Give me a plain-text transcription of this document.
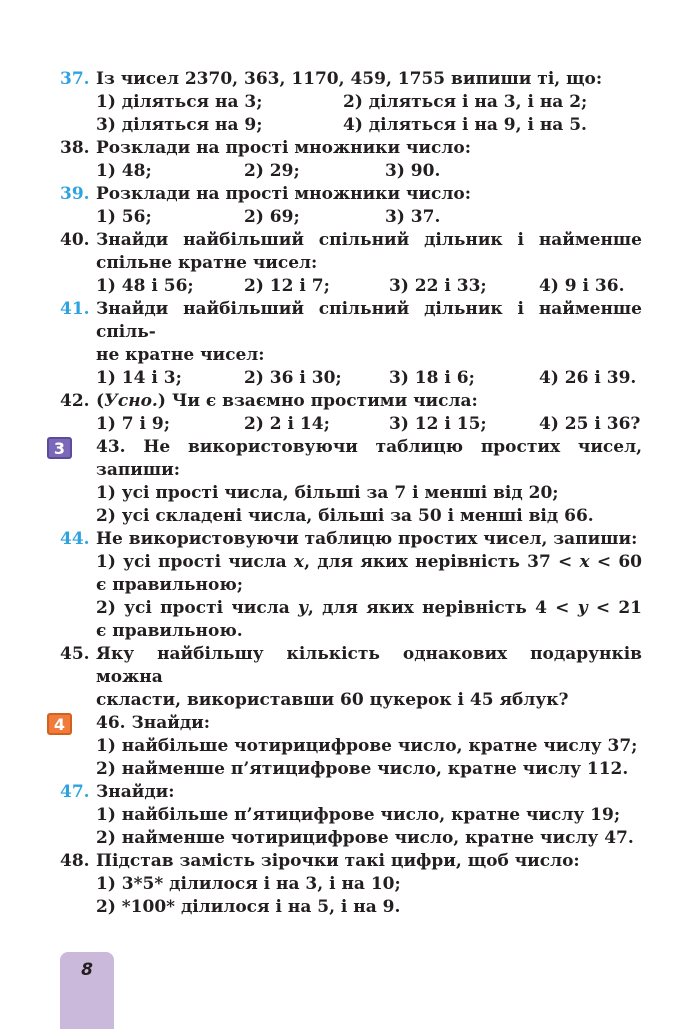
37. Із чисел 2370, 363, 1170, 459, 1755 випиши ті, що:
1) діляться на 3;	2) діляться і на 3, і на 2;
3) діляться на 9;	4) діляться і на 9, і на 5.
38. Розклади на прості множники число:
1) 48;	2) 29;	3) 90.
39. Розклади на прості множники число:
1) 56;	2) 69;	3) 37.
40. Знайди найбільший спільний дільник і найменше
спільне кратне чисел:
1) 48 і 56;	2) 12 і 7;	3) 22 і 33;	4) 9 і 36.
41. Знайди найбільший спільний дільник і найменше спіль-
не кратне чисел:
1) 14 і 3;	2) 36 і 30;	3) 18 і 6;	4) 26 і 39.
42. (Усно.) Чи є взаємно простими числа:
1) 7 і 9;	2) 2 і 14;	3) 12 і 15;	4) 25 і 36?
3	43. Не використовуючи таблицю простих чисел, запиши:
1) усі прості числа, більші за 7 і менші від 20;
2) усі складені числа, більші за 50 і менші від 66.
44. Не використовуючи таблицю простих чисел, запиши:
1) усі прості числа x, для яких нерівність 37 < x < 60
є правильною;
2) усі прості числа y, для яких нерівність 4 < y < 21
є правильною.
45. Яку найбільшу кількість однакових подарунків можна
скласти, використавши 60 цукерок і 45 яблук?
4	46. Знайди:
1) найбільше чотирицифрове число, кратне числу 37;
2) найменше п’ятицифрове число, кратне числу 112.
47. Знайди:
1) найбільше п’ятицифрове число, кратне числу 19;
2) найменше чотирицифрове число, кратне числу 47.
48. Підстав замість зірочки такі цифри, щоб число:
1) 3*5* ділилося і на 3, і на 10;
2) *100* ділилося і на 5, і на 9.
8
